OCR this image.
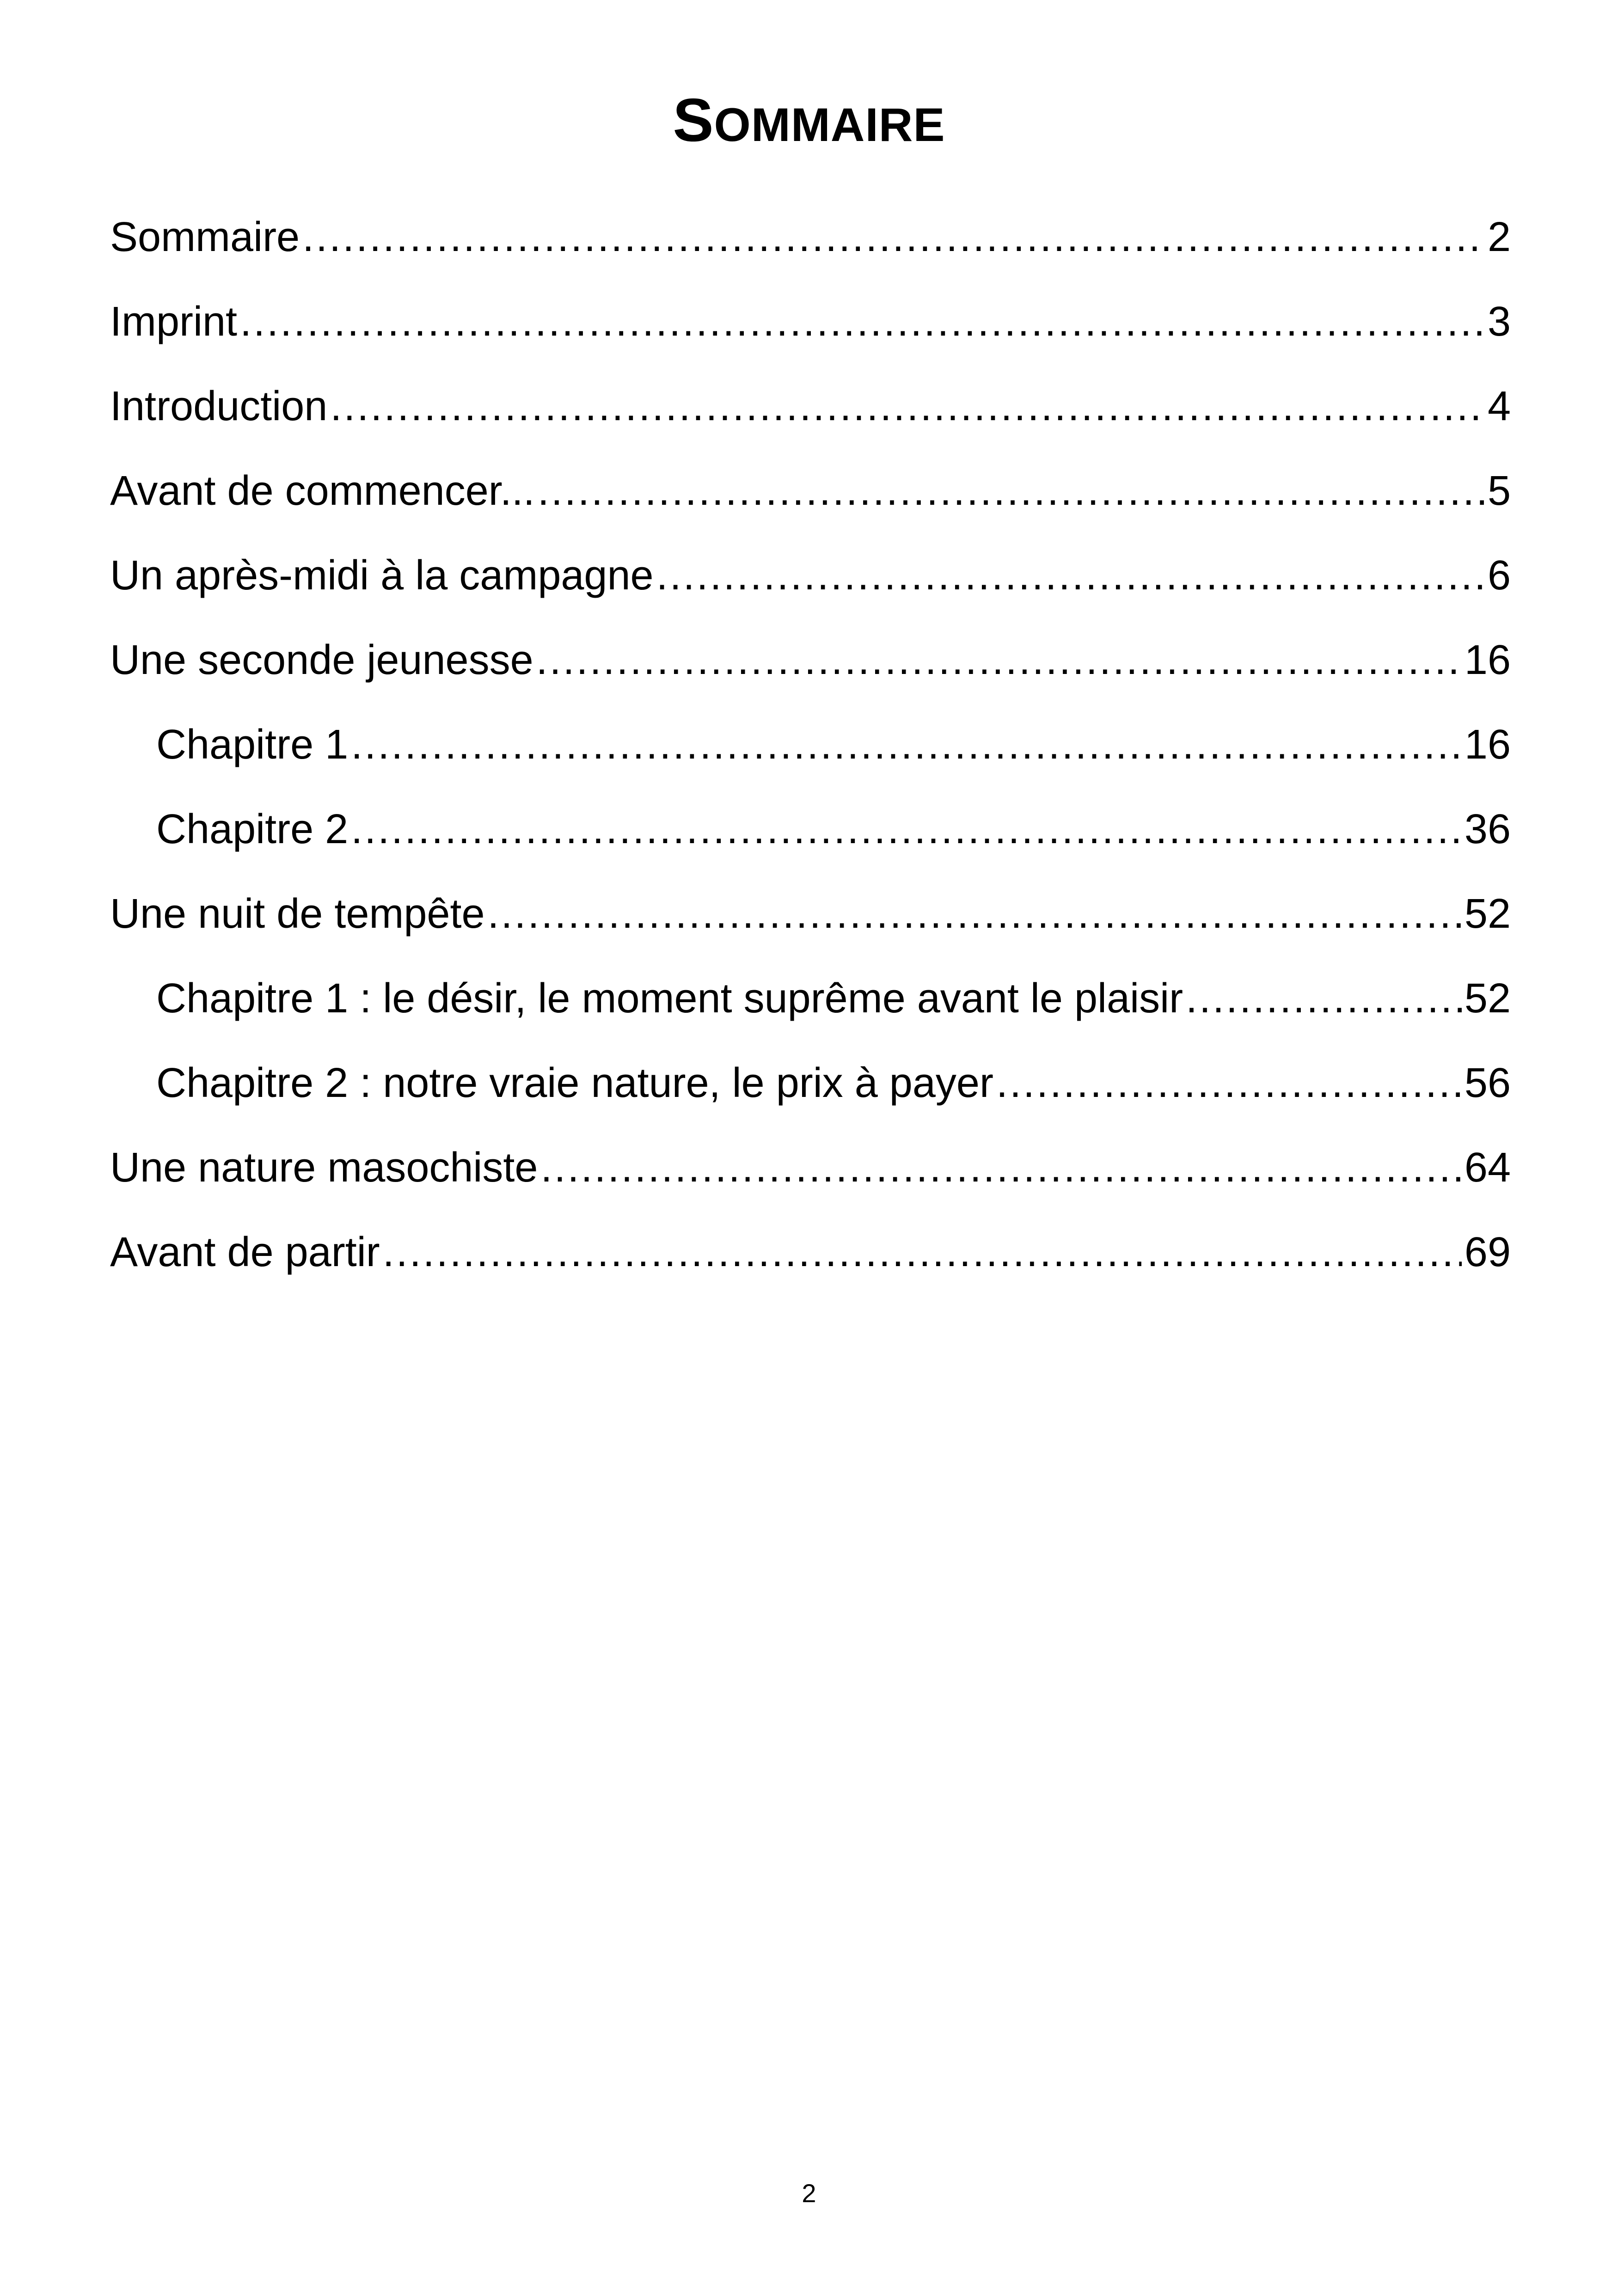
SOMMAIRE
Sommaire .....	2
Imprint .....	3
Introduction .....	4
Avant de commencer... .....	5
Un après-midi à la campagne .....	6
Une seconde jeunesse .....	16
Chapitre 1 .....	16
Chapitre 2 .....	36
Une nuit de tempête .....	52
Chapitre 1 : le désir, le moment suprême avant le plaisir .....	52
Chapitre 2 : notre vraie nature, le prix à payer .....	56
Une nature masochiste .....	64
Avant de partir .....	69
2
